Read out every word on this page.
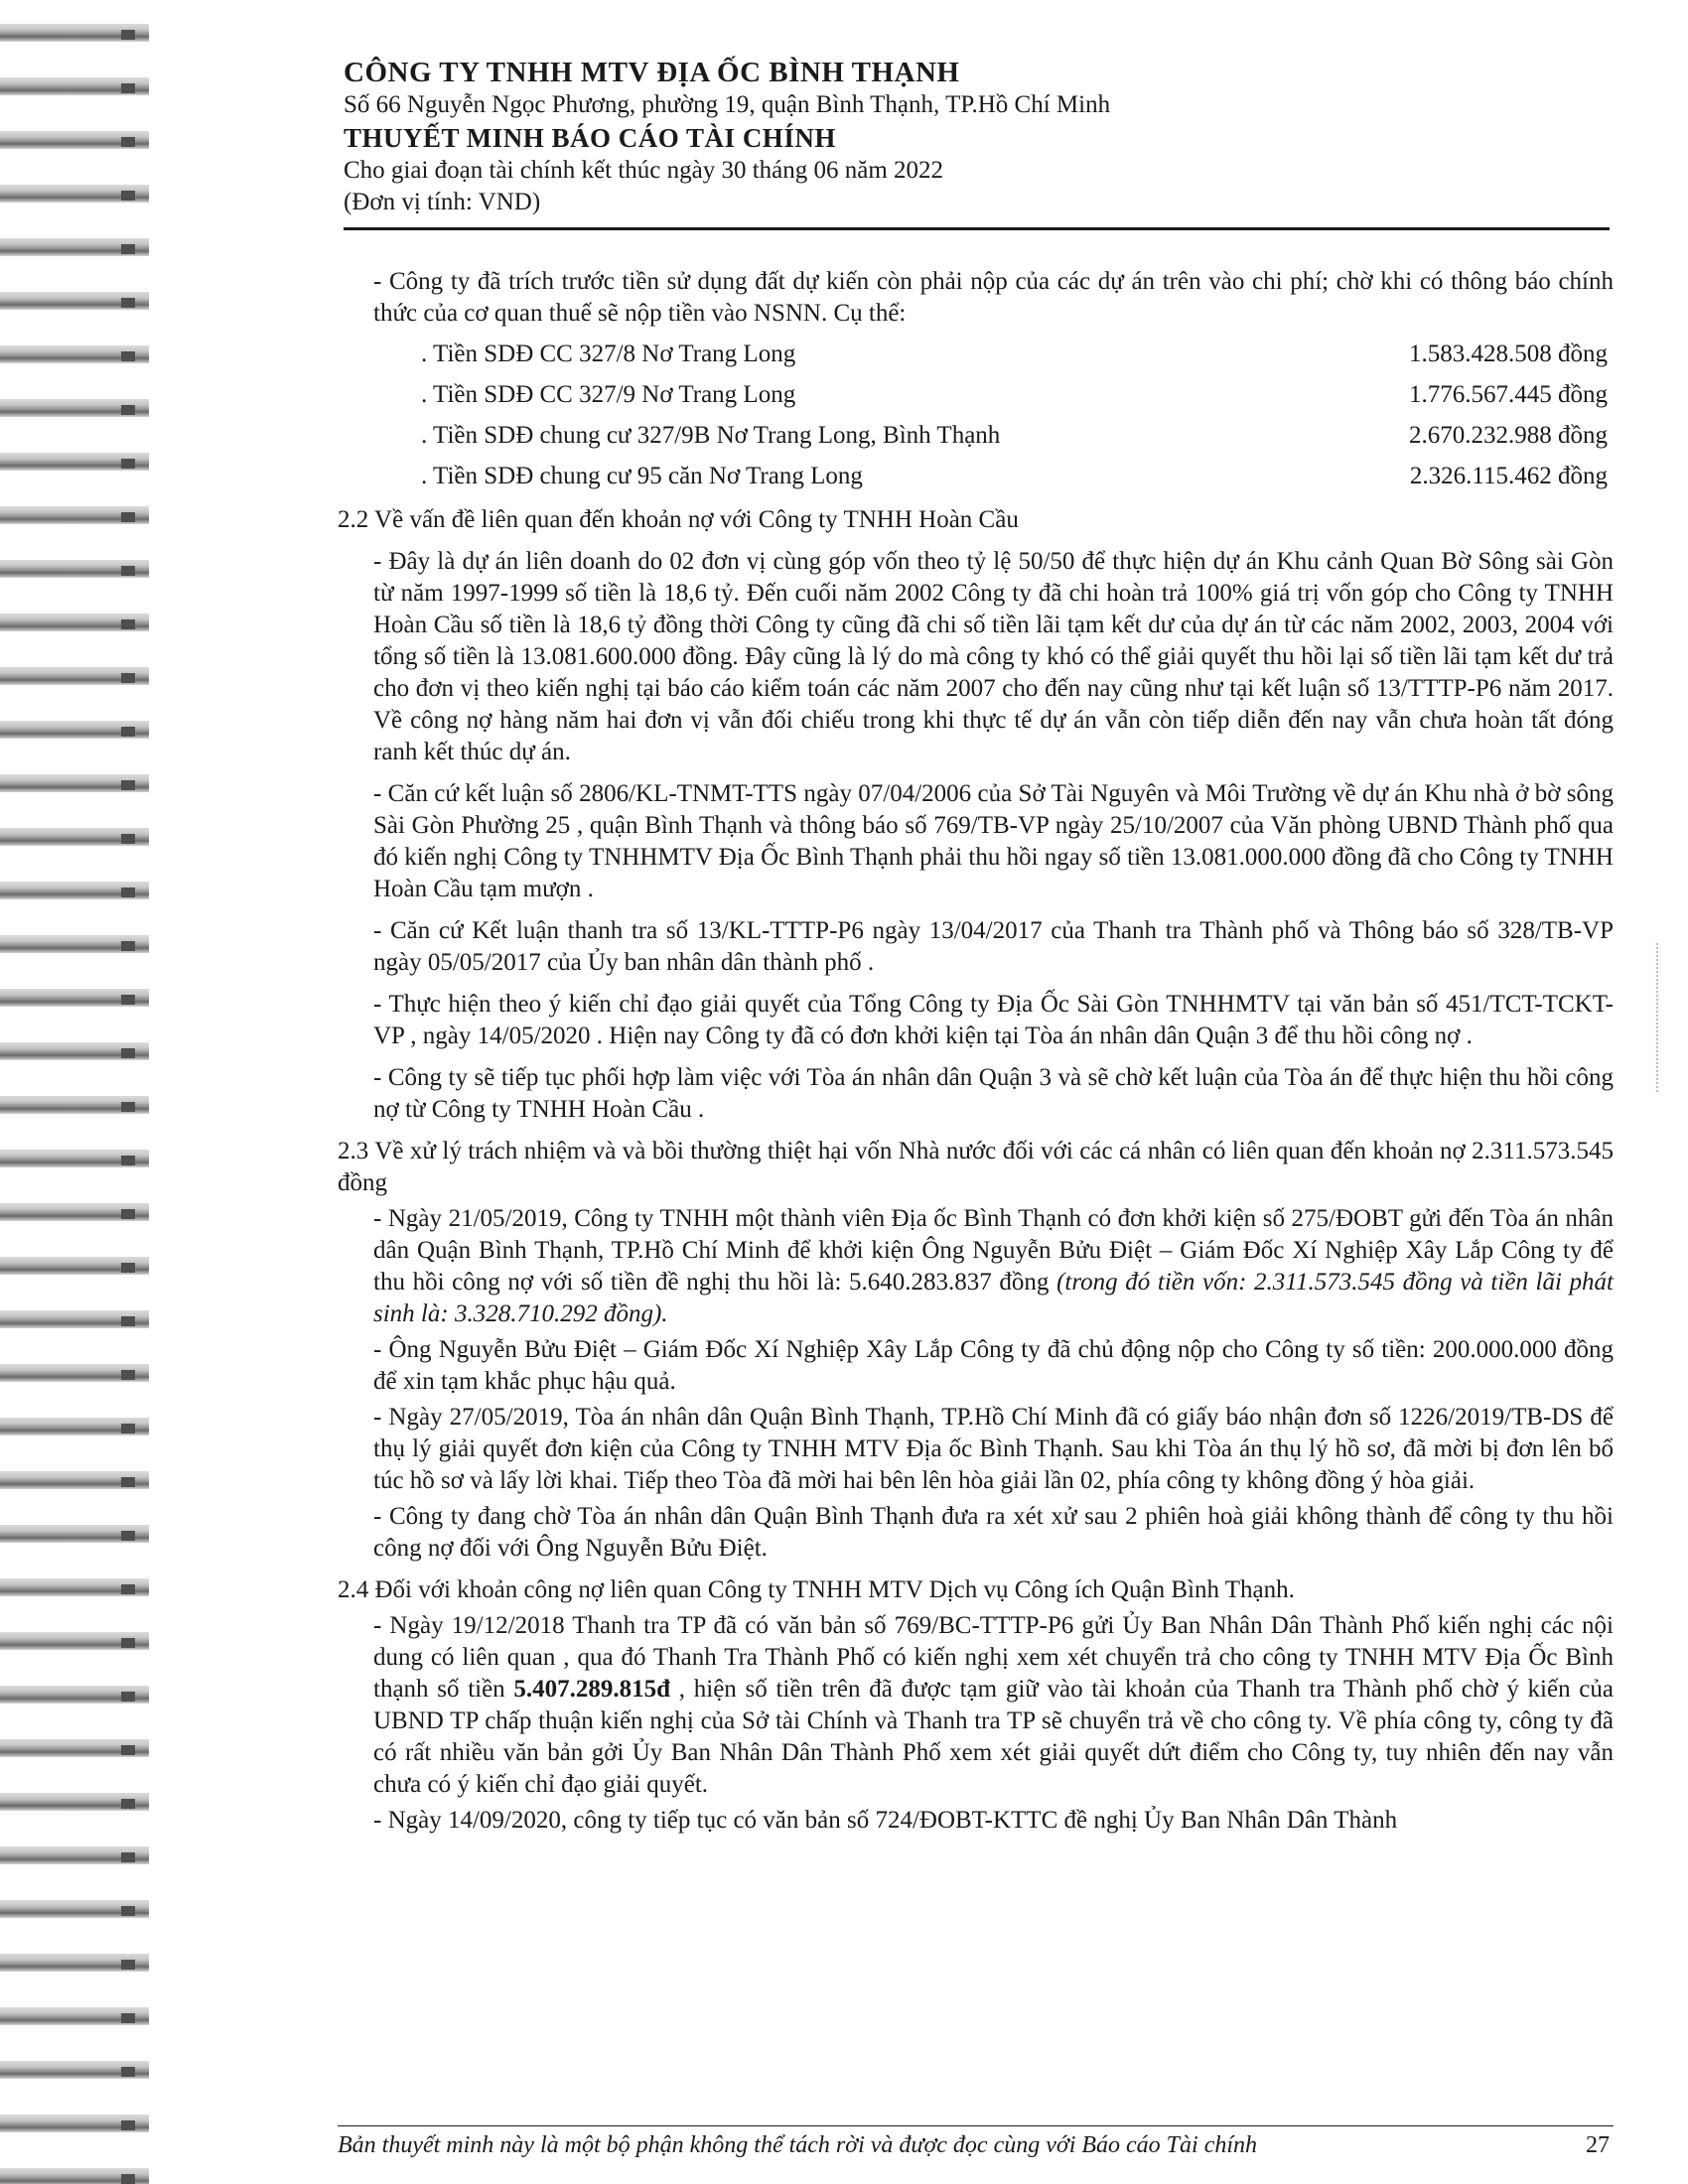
CÔNG TY TNHH MTV ĐỊA ỐC BÌNH THẠNH
Số 66 Nguyễn Ngọc Phương, phường 19, quận Bình Thạnh, TP.Hồ Chí Minh
THUYẾT MINH BÁO CÁO TÀI CHÍNH
Cho giai đoạn tài chính kết thúc ngày 30 tháng 06 năm 2022
(Đơn vị tính: VND)

- Công ty đã trích trước tiền sử dụng đất dự kiến còn phải nộp của các dự án trên vào chi phí; chờ khi có thông báo chính thức của cơ quan thuế sẽ nộp tiền vào NSNN. Cụ thể:

. Tiền SDĐ CC 327/8 Nơ Trang Long	1.583.428.508 đồng
. Tiền SDĐ CC 327/9 Nơ Trang Long	1.776.567.445 đồng
. Tiền SDĐ chung cư 327/9B Nơ Trang Long, Bình Thạnh	2.670.232.988 đồng
. Tiền SDĐ chung cư 95 căn Nơ Trang Long	2.326.115.462 đồng

2.2 Về vấn đề liên quan đến khoản nợ với Công ty TNHH Hoàn Cầu

- Đây là dự án liên doanh do 02 đơn vị cùng góp vốn theo tỷ lệ 50/50 để thực hiện dự án Khu cảnh Quan Bờ Sông sài Gòn từ năm 1997-1999 số tiền là 18,6 tỷ. Đến cuối năm 2002 Công ty đã chi hoàn trả 100% giá trị vốn góp cho Công ty TNHH Hoàn Cầu số tiền là 18,6 tỷ đồng thời Công ty cũng đã chi số tiền lãi tạm kết dư của dự án từ các năm 2002, 2003, 2004 với tổng số tiền là 13.081.600.000 đồng. Đây cũng là lý do mà công ty khó có thể giải quyết thu hồi lại số tiền lãi tạm kết dư trả cho đơn vị theo kiến nghị tại báo cáo kiểm toán các năm 2007 cho đến nay cũng như tại kết luận số 13/TTTP-P6 năm 2017. Về công nợ hàng năm hai đơn vị vẫn đối chiếu trong khi thực tế dự án vẫn còn tiếp diễn đến nay vẫn chưa hoàn tất đóng ranh kết thúc dự án.

- Căn cứ kết luận số 2806/KL-TNMT-TTS ngày 07/04/2006 của Sở Tài Nguyên và Môi Trường về dự án Khu nhà ở bờ sông Sài Gòn Phường 25 , quận Bình Thạnh và thông báo số 769/TB-VP ngày 25/10/2007 của Văn phòng UBND Thành phố qua đó kiến nghị Công ty TNHHMTV Địa Ốc Bình Thạnh phải thu hồi ngay số tiền 13.081.000.000 đồng đã cho Công ty TNHH Hoàn Cầu tạm mượn .

- Căn cứ Kết luận thanh tra số 13/KL-TTTP-P6 ngày 13/04/2017 của Thanh tra Thành phố và Thông báo số 328/TB-VP ngày 05/05/2017 của Ủy ban nhân dân thành phố .

- Thực hiện theo ý kiến chỉ đạo giải quyết của Tổng Công ty Địa Ốc Sài Gòn TNHHMTV tại văn bản số 451/TCT-TCKT-VP , ngày 14/05/2020 . Hiện nay Công ty đã có đơn khởi kiện tại Tòa án nhân dân Quận 3 để thu hồi công nợ .

- Công ty sẽ tiếp tục phối hợp làm việc với Tòa án nhân dân Quận 3 và sẽ chờ kết luận của Tòa án để thực hiện thu hồi công nợ từ Công ty TNHH Hoàn Cầu .

2.3 Về xử lý trách nhiệm và và bồi thường thiệt hại vốn Nhà nước đối với các cá nhân có liên quan đến khoản nợ 2.311.573.545 đồng

- Ngày 21/05/2019, Công ty TNHH một thành viên Địa ốc Bình Thạnh có đơn khởi kiện số 275/ĐOBT gửi đến Tòa án nhân dân Quận Bình Thạnh, TP.Hồ Chí Minh để khởi kiện Ông Nguyễn Bửu Điệt – Giám Đốc Xí Nghiệp Xây Lắp Công ty để thu hồi công nợ với số tiền đề nghị thu hồi là: 5.640.283.837 đồng (trong đó tiền vốn: 2.311.573.545 đồng và tiền lãi phát sinh là: 3.328.710.292 đồng).

- Ông Nguyễn Bửu Điệt – Giám Đốc Xí Nghiệp Xây Lắp Công ty đã chủ động nộp cho Công ty số tiền: 200.000.000 đồng để xin tạm khắc phục hậu quả.

- Ngày 27/05/2019, Tòa án nhân dân Quận Bình Thạnh, TP.Hồ Chí Minh đã có giấy báo nhận đơn số 1226/2019/TB-DS để thụ lý giải quyết đơn kiện của Công ty TNHH MTV Địa ốc Bình Thạnh. Sau khi Tòa án thụ lý hồ sơ, đã mời bị đơn lên bổ túc hồ sơ và lấy lời khai. Tiếp theo Tòa đã mời hai bên lên hòa giải lần 02, phía công ty không đồng ý hòa giải.

- Công ty đang chờ Tòa án nhân dân Quận Bình Thạnh đưa ra xét xử sau 2 phiên hoà giải không thành để công ty thu hồi công nợ đối với Ông Nguyễn Bửu Điệt.

2.4 Đối với khoản công nợ liên quan Công ty TNHH MTV Dịch vụ Công ích Quận Bình Thạnh.

- Ngày 19/12/2018 Thanh tra TP đã có văn bản số 769/BC-TTTP-P6 gửi Ủy Ban Nhân Dân Thành Phố kiến nghị các nội dung có liên quan , qua đó Thanh Tra Thành Phố có kiến nghị xem xét chuyển trả cho công ty TNHH MTV Địa Ốc Bình thạnh số tiền 5.407.289.815đ , hiện số tiền trên đã được tạm giữ vào tài khoản của Thanh tra Thành phố chờ ý kiến của UBND TP chấp thuận kiến nghị của Sở tài Chính và Thanh tra TP sẽ chuyển trả về cho công ty. Về phía công ty, công ty đã có rất nhiều văn bản gởi Ủy Ban Nhân Dân Thành Phố xem xét giải quyết dứt điểm cho Công ty, tuy nhiên đến nay vẫn chưa có ý kiến chỉ đạo giải quyết.

- Ngày 14/09/2020, công ty tiếp tục có văn bản số 724/ĐOBT-KTTC đề nghị Ủy Ban Nhân Dân Thành

Bản thuyết minh này là một bộ phận không thể tách rời và được đọc cùng với Báo cáo Tài chính	27
